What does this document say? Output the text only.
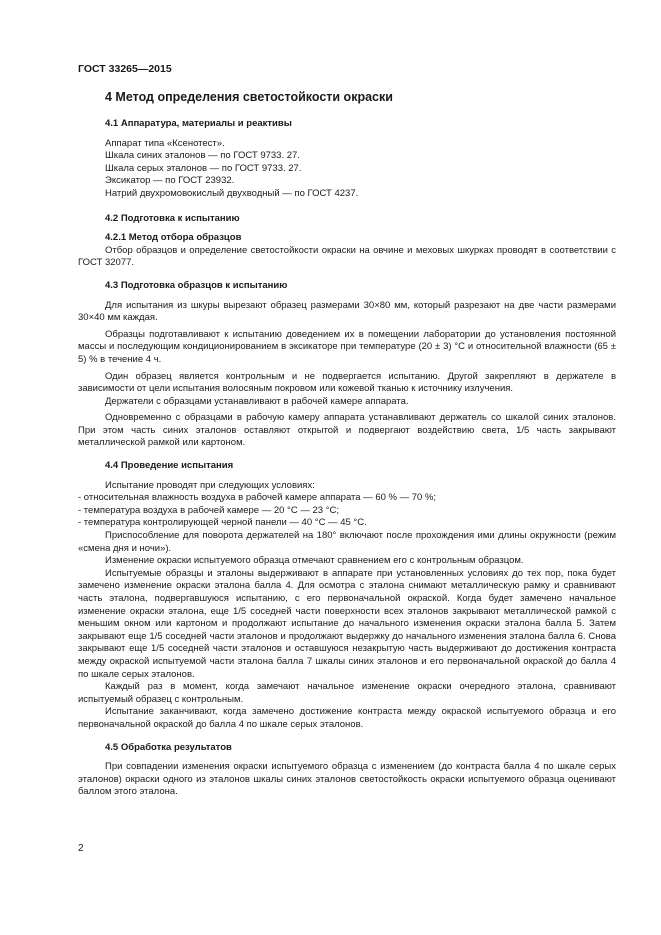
ГОСТ 33265—2015

4 Метод определения светостойкости окраски

4.1 Аппаратура, материалы и реактивы

Аппарат типа «Ксенотест».

Шкала синих эталонов — по ГОСТ 9733. 27.

Шкала серых эталонов — по ГОСТ 9733. 27.

Эксикатор — по ГОСТ 23932.

Натрий двухромовокислый двухводный — по ГОСТ 4237.

4.2 Подготовка к испытанию

4.2.1 Метод отбора образцов

Отбор образцов и определение светостойкости окраски на овчине и меховых шкурках проводят в соответствии с ГОСТ 32077.

4.3 Подготовка образцов к испытанию

Для испытания из шкуры вырезают образец размерами 30×80 мм, который разрезают на две части размерами 30×40 мм каждая.

Образцы подготавливают к испытанию доведением их в помещении лаборатории до установления постоянной массы и последующим кондиционированием в эксикаторе при температуре (20 ± 3) °С и относительной влажности (65 ± 5) % в течение 4 ч.

Один образец является контрольным и не подвергается испытанию. Другой закрепляют в держателе в зависимости от цели испытания волосяным покровом или кожевой тканью к источнику излучения.

Держатели с образцами устанавливают в рабочей камере аппарата.

Одновременно с образцами в рабочую камеру аппарата устанавливают держатель со шкалой синих эталонов. При этом часть синих эталонов оставляют открытой и подвергают воздействию света, 1/5 часть закрывают металлической рамкой или картоном.

4.4 Проведение испытания

Испытание проводят при следующих условиях:

- относительная влажность воздуха в рабочей камере аппарата — 60 % — 70 %;

- температура воздуха в рабочей камере — 20 °С — 23 °С;

- температура контролирующей черной панели — 40 °С — 45 °С.

Приспособление для поворота держателей на 180° включают после прохождения ими длины окружности (режим «смена дня и ночи»).

Изменение окраски испытуемого образца отмечают сравнением его с контрольным образцом.

Испытуемые образцы и эталоны выдерживают в аппарате при установленных условиях до тех пор, пока будет замечено изменение окраски эталона балла 4. Для осмотра с эталона снимают металлическую рамку и сравнивают часть эталона, подвергавшуюся испытанию, с его первоначальной окраской. Когда будет замечено начальное изменение окраски эталона, еще 1/5 соседней части поверхности всех эталонов закрывают металлической рамкой с меньшим окном или картоном и продолжают испытание до начального изменения окраски эталона балла 5. Затем закрывают еще 1/5 соседней части эталонов и продолжают выдержку до начального изменения эталона балла 6. Снова закрывают еще 1/5 соседней части эталонов и оставшуюся незакрытую часть выдерживают до достижения контраста между окраской испытуемой части эталона балла 7 шкалы синих эталонов и его первоначальной окраской до балла 4 по шкале серых эталонов.

Каждый раз в момент, когда замечают начальное изменение окраски очередного эталона, сравнивают испытуемый образец с контрольным.

Испытание заканчивают, когда замечено достижение контраста между окраской испытуемого образца и его первоначальной окраской до балла 4 по шкале серых эталонов.

4.5 Обработка результатов

При совпадении изменения окраски испытуемого образца с изменением (до контраста балла 4 по шкале серых эталонов) окраски одного из эталонов шкалы синих эталонов светостойкость окраски испытуемого образца оценивают баллом этого эталона.

2
